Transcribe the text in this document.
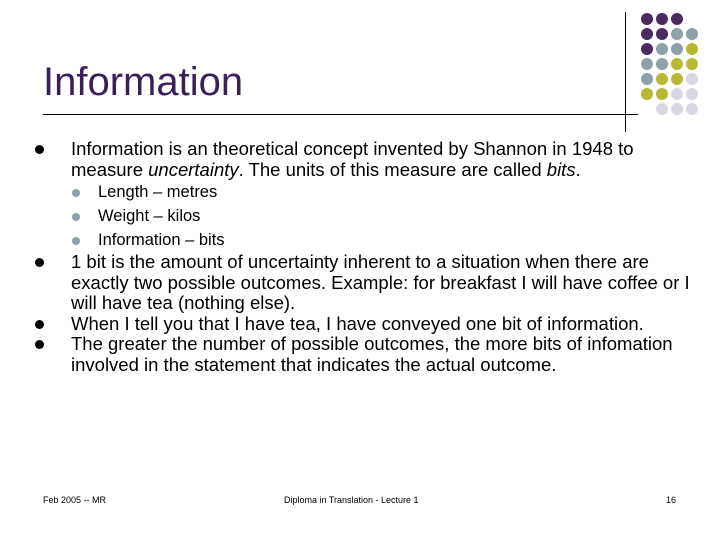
Information
Information is an theoretical concept invented by Shannon in 1948 to measure uncertainty. The units of this measure are called bits.
Length – metres
Weight – kilos
Information – bits
1 bit is the amount of uncertainty inherent to a situation when there are exactly two possible outcomes. Example: for breakfast I will have coffee or I will have tea (nothing else).
When I tell you that I have tea, I have conveyed one bit of information.
The greater the number of possible outcomes, the more bits of infomation involved in the statement that indicates the actual outcome.
Feb 2005 -- MR	Diploma in Translation - Lecture 1	16
